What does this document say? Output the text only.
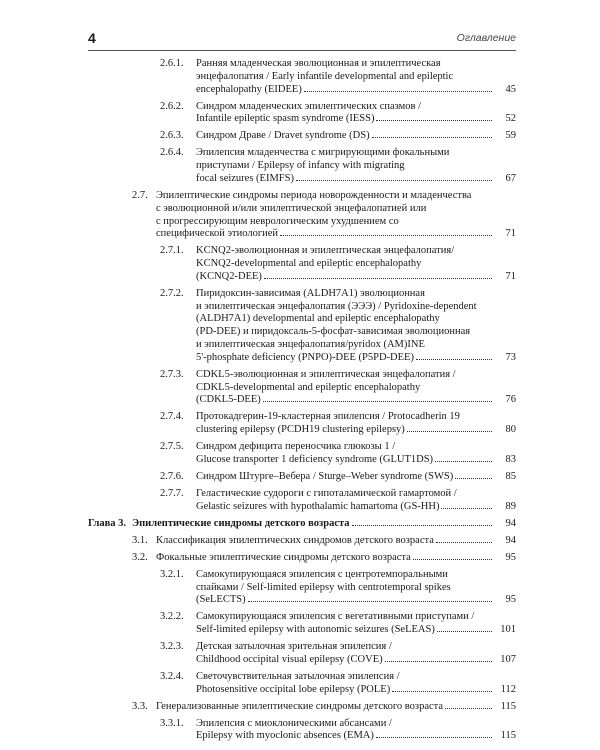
4	Оглавление
2.6.1. Ранняя младенческая эволюционная и эпилептическая
энцефалопатия / Early infantile developmental and epileptic
encephalopathy (EIDEE)	45
2.6.2. Синдром младенческих эпилептических спазмов /
Infantile epileptic spasm syndrome (IESS)	52
2.6.3. Синдром Драве / Dravet syndrome (DS)	59
2.6.4. Эпилепсия младенчества с мигрирующими фокальными
приступами / Epilepsy of infancy with migrating
focal seizures (EIMFS)	67
2.7. Эпилептические синдромы периода новорожденности и младенчества
с эволюционной и/или эпилептической энцефалопатией или
с прогрессирующим неврологическим ухудшением со
специфической этиологией	71
2.7.1. KCNQ2-эволюционная и эпилептическая энцефалопатия/
KCNQ2-developmental and epileptic encephalopathy
(KCNQ2-DEE)	71
2.7.2. Пиридоксин-зависимая (ALDH7A1) эволюционная
и эпилептическая энцефалопатия (ЭЭЭ) / Pyridoxine-dependent
(ALDH7A1) developmental and epileptic encephalopathy
(PD-DEE) и пиридоксаль-5-фосфат-зависимая эволюционная
и эпилептическая энцефалопатия/pyridox (AM)INE
5'-phosphate deficiency (PNPO)-DEE (P5PD-DEE)	73
2.7.3. CDKL5-эволюционная и эпилептическая энцефалопатия /
CDKL5-developmental and epileptic encephalopathy
(CDKL5-DEE)	76
2.7.4. Протокадгерин-19-кластерная эпилепсия / Protocadherin 19
clustering epilepsy (PCDH19 clustering epilepsy)	80
2.7.5. Синдром дефицита переносчика глюкозы 1 /
Glucose transporter 1 deficiency syndrome (GLUT1DS)	83
2.7.6. Синдром Штурге–Вебера / Sturge–Weber syndrome (SWS)	85
2.7.7. Геластические судороги с гипоталамической гамартомой /
Gelastic seizures with hypothalamic hamartoma (GS-HH)	89
Глава 3. Эпилептические синдромы детского возраста	94
3.1. Классификация эпилептических синдромов детского возраста	94
3.2. Фокальные эпилептические синдромы детского возраста	95
3.2.1. Самокупирующаяся эпилепсия с центротемпоральными
спайками / Self-limited epilepsy with centrotemporal spikes
(SeLECTS)	95
3.2.2. Самокупирующаяся эпилепсия с вегетативными приступами /
Self-limited epilepsy with autonomic seizures (SeLEAS)	101
3.2.3. Детская затылочная зрительная эпилепсия /
Childhood occipital visual epilepsy (COVE)	107
3.2.4. Светочувствительная затылочная эпилепсия /
Photosensitive occipital lobe epilepsy (POLE)	112
3.3. Генерализованные эпилептические синдромы детского возраста	115
3.3.1. Эпилепсия с миоклоническими абсансами /
Epilepsy with myoclonic absences (EMA)	115
